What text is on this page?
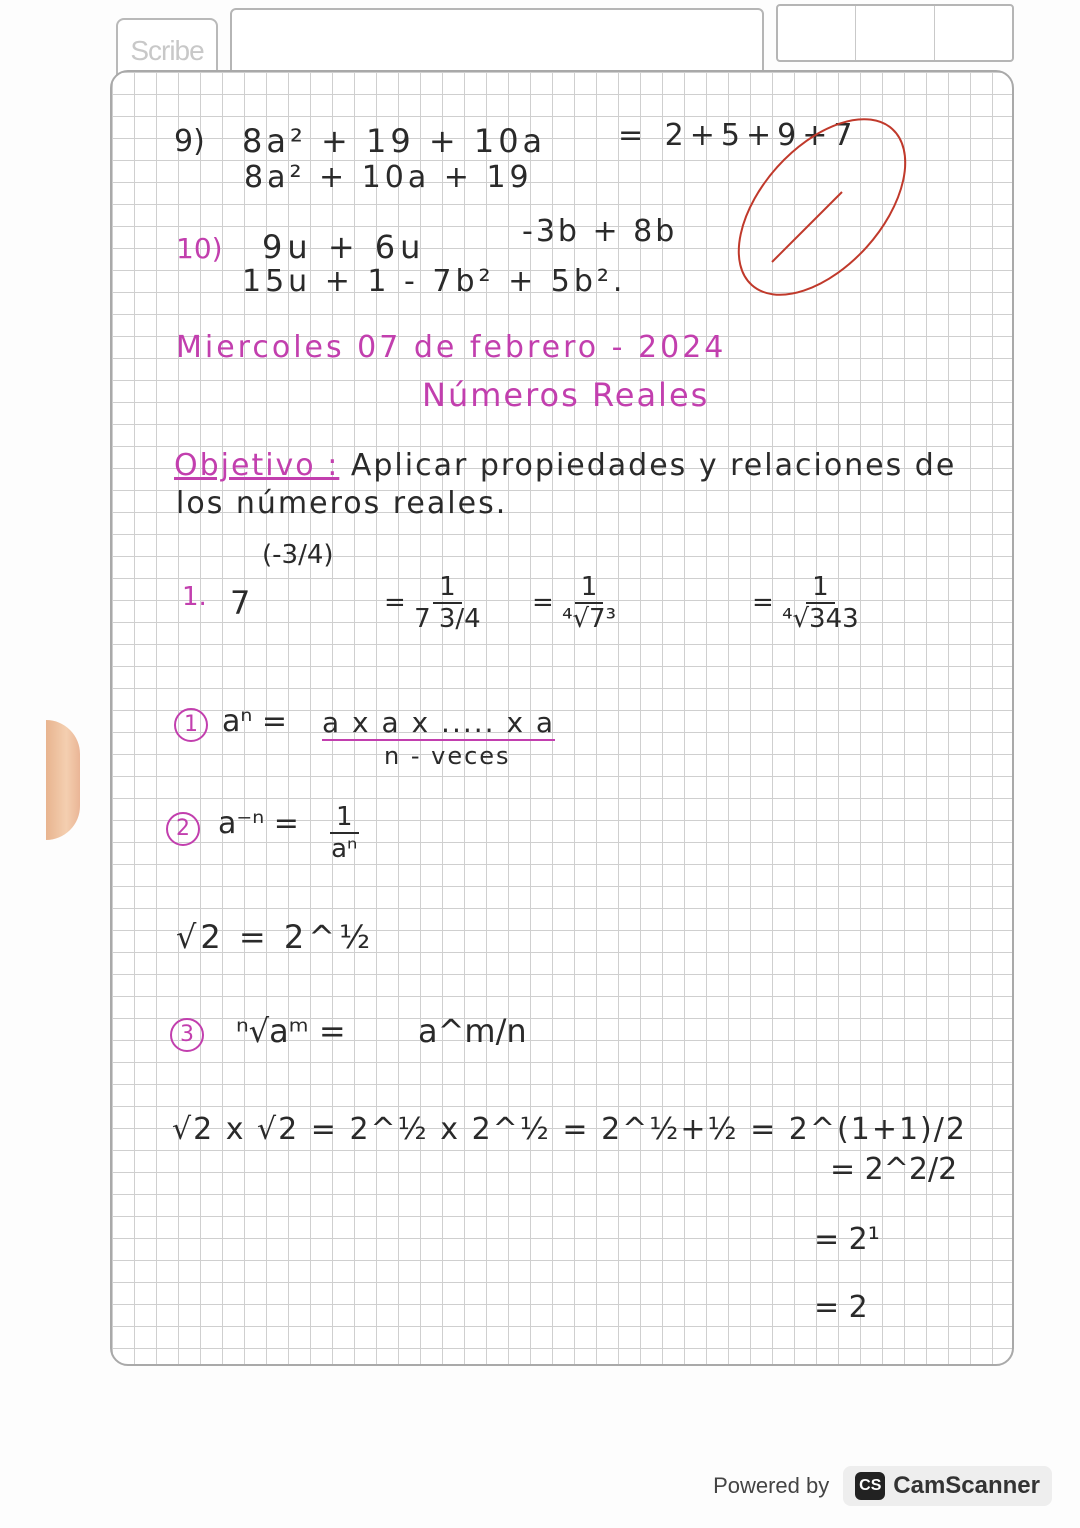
Scribe
9) 8a² + 19 + 10a
8a² + 10a + 19
= 2+5+9+7
10) 9u + 6u	-3b + 8b
15u + 1 - 7b² + 5b².
Miercoles 07 de febrero - 2024
Números Reales
Objetivo : Aplicar propiedades y relaciones de
los números reales.
1. 7
(-3/4)
= $\frac{1}{7 3/4} = \frac{1}{\text{⁴√7³}}$	= $\frac{1}{\text{⁴√343}}$
1 aⁿ = a x a x ..... x a
n - veces
2 $a^{-n} = \frac{1}{\text{aⁿ}}$
√2 = 2^½
3	ⁿ√aᵐ = a^m/n
√2 x √2 = 2^½ x 2^½ = 2^½+½ = 2^(1+1)/2
= 2^2/2
= 2¹
= 2
Powered by CS CamScanner
